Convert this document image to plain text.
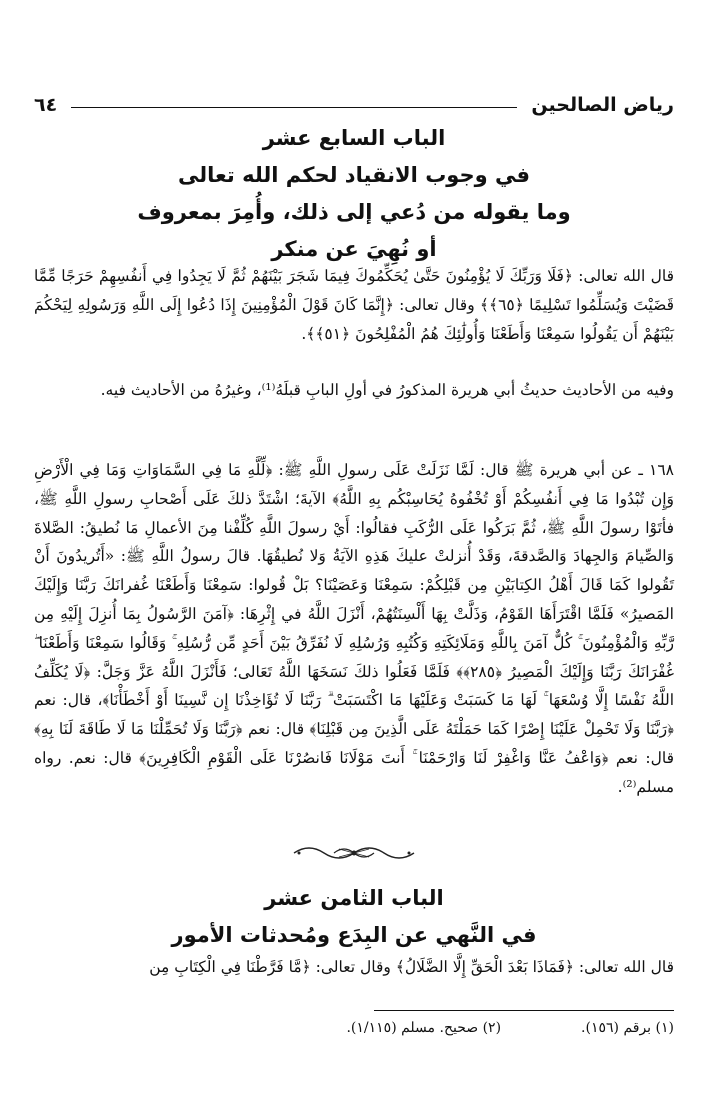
رياض الصالحين
٦٤
الباب السابع عشر
في وجوب الانقياد لحكم الله تعالى
وما يقوله من دُعي إلى ذلك، وأُمِرَ بمعروف
أو نُهِيَ عن منكر

قال الله تعالى: ﴿فَلَا وَرَبِّكَ لَا يُؤْمِنُونَ حَتَّىٰ يُحَكِّمُوكَ فِيمَا شَجَرَ بَيْنَهُمْ ثُمَّ لَا يَجِدُوا فِي أَنفُسِهِمْ حَرَجًا مِّمَّا قَضَيْتَ وَيُسَلِّمُوا تَسْلِيمًا ﴿٦٥﴾﴾ وقال تعالى: ﴿إِنَّمَا كَانَ قَوْلَ الْمُؤْمِنِينَ إِذَا دُعُوا إِلَى اللَّهِ وَرَسُولِهِ لِيَحْكُمَ بَيْنَهُمْ أَن يَقُولُوا سَمِعْنَا وَأَطَعْنَا وَأُولَٰئِكَ هُمُ الْمُفْلِحُونَ ﴿٥١﴾﴾.

وفيه من الأحاديث حديثُ أبي هريرة المذكورُ في أولِ البابِ قبلَهُ⁽¹⁾، وغيرُهُ من الأحاديث فيه.

١٦٨ ـ عن أبي هريرة ﷺ قال: لَمَّا نَزَلَتْ عَلَى رسولِ اللَّهِ ﷺ: ﴿لِّلَّهِ مَا فِي السَّمَاوَاتِ وَمَا فِي الْأَرْضِ وَإِن تُبْدُوا مَا فِي أَنفُسِكُمْ أَوْ تُخْفُوهُ يُحَاسِبْكُم بِهِ اللَّهُ﴾ الآيةَ؛ اشْتَدَّ ذلكَ عَلَى أَصْحابِ رسولِ اللَّهِ ﷺ، فأتَوْا رسولَ اللَّهِ ﷺ، ثُمَّ بَرَكُوا عَلَى الرُّكَبِ فقالُوا: أَيْ رسولَ اللَّهِ كُلِّفْنا مِنَ الأعمالِ مَا نُطيقُ: الصَّلاةَ وَالصِّيامَ وَالجِهادَ وَالصَّدقةَ، وَقَدْ أُنزلتْ عليكَ هَذِهِ الآيَةُ وَلا نُطيقُهَا. قالَ رسولُ اللَّهِ ﷺ: «أَتُريدُونَ أَنْ تَقُولوا كَمَا قَالَ أَهْلُ الكِتابَيْنِ مِن قَبْلِكُمْ: سَمِعْنَا وَعَصَيْنَا؟ بَلْ قُولوا: سَمِعْنَا وَأَطَعْنَا غُفرانَكَ رَبَّنَا وَإِلَيْكَ المَصيرُ» فَلَمَّا اقْتَرَأَهَا القَوْمُ، وَذَلَّتْ بِهَا أَلْسِنَتُهُمْ، أَنْزَلَ اللَّهُ في إِثْرِهَا: ﴿آمَنَ الرَّسُولُ بِمَا أُنزِلَ إِلَيْهِ مِن رَّبِّهِ وَالْمُؤْمِنُونَ ۚ كُلٌّ آمَنَ بِاللَّهِ وَمَلَائِكَتِهِ وَكُتُبِهِ وَرُسُلِهِ لَا نُفَرِّقُ بَيْنَ أَحَدٍ مِّن رُّسُلِهِ ۚ وَقَالُوا سَمِعْنَا وَأَطَعْنَا ۖ غُفْرَانَكَ رَبَّنَا وَإِلَيْكَ الْمَصِيرُ ﴿٢٨٥﴾﴾ فَلَمَّا فَعَلُوا ذلكَ نَسَخَهَا اللَّهُ تَعَالى؛ فَأَنْزَلَ اللَّهُ عَزَّ وَجَلَّ: ﴿لَا يُكَلِّفُ اللَّهُ نَفْسًا إِلَّا وُسْعَهَا ۚ لَهَا مَا كَسَبَتْ وَعَلَيْهَا مَا اكْتَسَبَتْ ۗ رَبَّنَا لَا تُؤَاخِذْنَا إِن نَّسِينَا أَوْ أَخْطَأْنَا﴾، قال: نعم ﴿رَبَّنَا وَلَا تَحْمِلْ عَلَيْنَا إِصْرًا كَمَا حَمَلْتَهُ عَلَى الَّذِينَ مِن قَبْلِنَا﴾ قال: نعم ﴿رَبَّنَا وَلَا تُحَمِّلْنَا مَا لَا طَاقَةَ لَنَا بِهِ﴾ قال: نعم ﴿وَاعْفُ عَنَّا وَاغْفِرْ لَنَا وَارْحَمْنَا ۚ أَنتَ مَوْلَانَا فَانصُرْنَا عَلَى الْقَوْمِ الْكَافِرِينَ﴾ قال: نعم. رواه مسلم⁽²⁾.

الباب الثامن عشر
في النَّهي عن البِدَع ومُحدثات الأمور

قال الله تعالى: ﴿فَمَاذَا بَعْدَ الْحَقِّ إِلَّا الضَّلَالُ﴾ وقال تعالى: ﴿مَّا فَرَّطْنَا فِي الْكِتَابِ مِن

(١) برقم (١٥٦).
(٢) صحيح. مسلم (١/١١٥).
